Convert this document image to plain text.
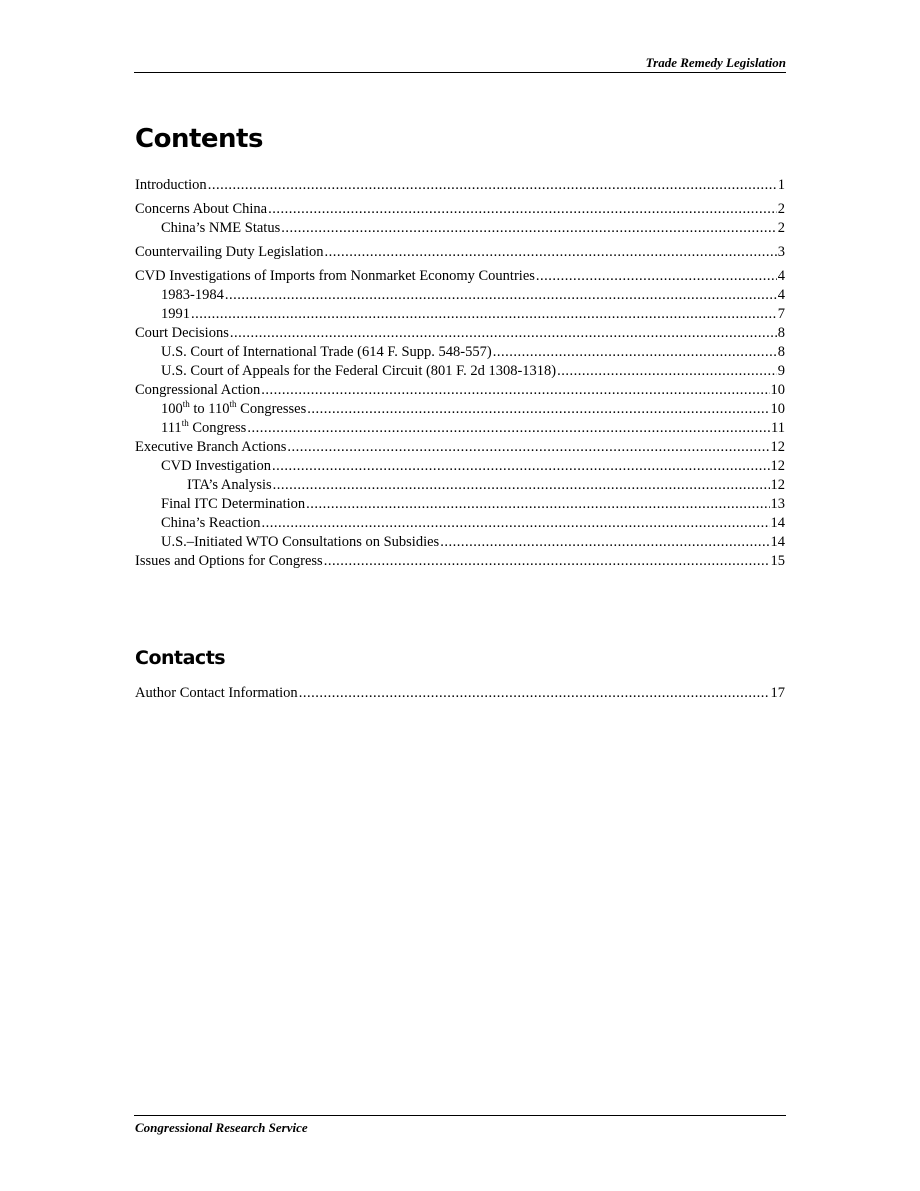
Trade Remedy Legislation
Contents
Introduction .....	1
Concerns About China .....	2
China’s NME Status .....	2
Countervailing Duty Legislation .....	3
CVD Investigations of Imports from Nonmarket Economy Countries .....	4
1983-1984 .....	4
1991 .....	7
Court Decisions .....	8
U.S. Court of International Trade (614 F. Supp. 548-557) .....	8
U.S. Court of Appeals for the Federal Circuit (801 F. 2d 1308-1318) .....	9
Congressional Action .....	10
100th to 110th Congresses .....	10
111th Congress .....	11
Executive Branch Actions .....	12
CVD Investigation .....	12
ITA’s Analysis .....	12
Final ITC Determination .....	13
China’s Reaction .....	14
U.S.–Initiated WTO Consultations on Subsidies .....	14
Issues and Options for Congress .....	15
Contacts
Author Contact Information .....	17
Congressional Research Service
